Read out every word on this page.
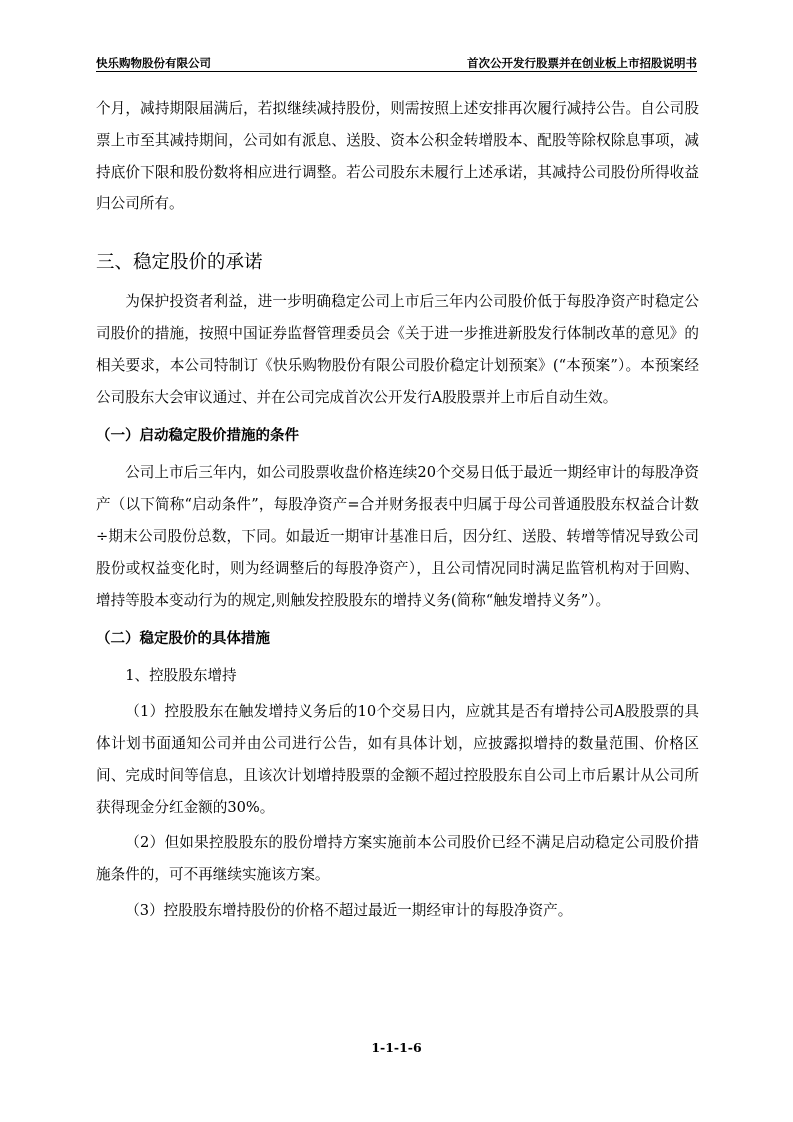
快乐购物股份有限公司	首次公开发行股票并在创业板上市招股说明书

个月，减持期限届满后，若拟继续减持股份，则需按照上述安排再次履行减持公告。自公司股票上市至其减持期间，公司如有派息、送股、资本公积金转增股本、配股等除权除息事项，减持底价下限和股份数将相应进行调整。若公司股东未履行上述承诺，其减持公司股份所得收益归公司所有。

三、稳定股价的承诺

为保护投资者利益，进一步明确稳定公司上市后三年内公司股价低于每股净资产时稳定公司股价的措施，按照中国证券监督管理委员会《关于进一步推进新股发行体制改革的意见》的相关要求，本公司特制订《快乐购物股份有限公司股价稳定计划预案》(“本预案”）。本预案经公司股东大会审议通过、并在公司完成首次公开发行A股股票并上市后自动生效。

（一）启动稳定股价措施的条件

公司上市后三年内，如公司股票收盘价格连续20个交易日低于最近一期经审计的每股净资产（以下简称“启动条件”，每股净资产=合并财务报表中归属于母公司普通股股东权益合计数÷期末公司股份总数，下同。如最近一期审计基准日后，因分红、送股、转增等情况导致公司股份或权益变化时，则为经调整后的每股净资产），且公司情况同时满足监管机构对于回购、增持等股本变动行为的规定,则触发控股股东的增持义务(简称“触发增持义务”）。

（二）稳定股价的具体措施

1、控股股东增持

（1）控股股东在触发增持义务后的10个交易日内，应就其是否有增持公司A股股票的具体计划书面通知公司并由公司进行公告，如有具体计划，应披露拟增持的数量范围、价格区间、完成时间等信息，且该次计划增持股票的金额不超过控股股东自公司上市后累计从公司所获得现金分红金额的30%。

（2）但如果控股股东的股份增持方案实施前本公司股价已经不满足启动稳定公司股价措施条件的，可不再继续实施该方案。

（3）控股股东增持股份的价格不超过最近一期经审计的每股净资产。

1-1-1-6
